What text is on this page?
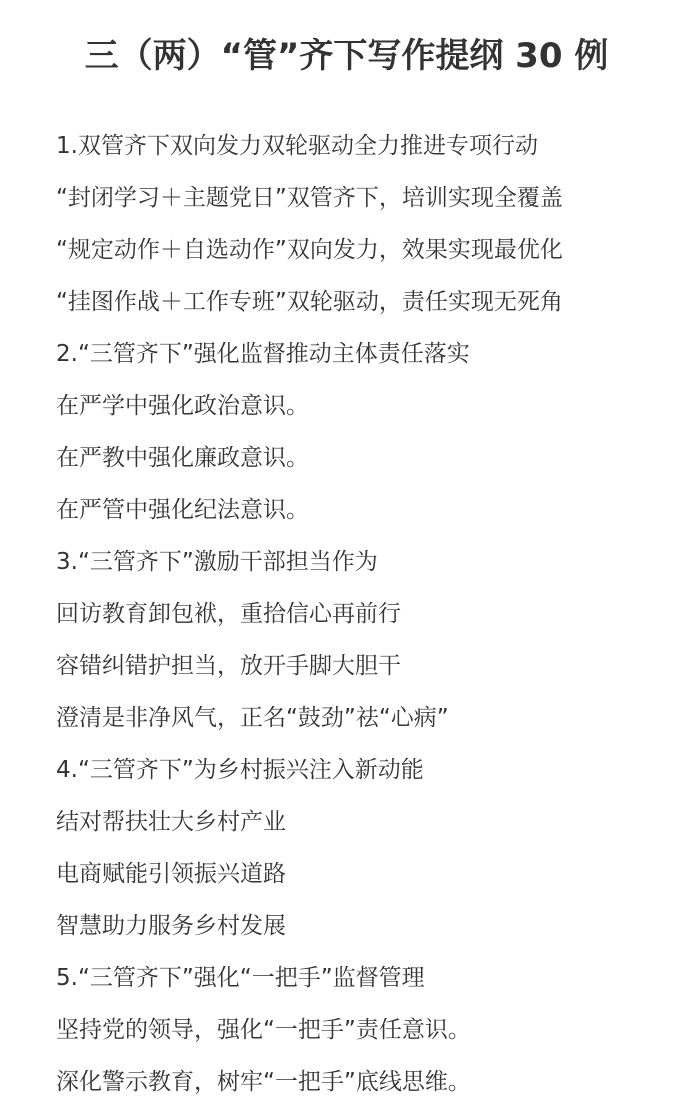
三（两）“管”齐下写作提纲 30 例
1.双管齐下双向发力双轮驱动全力推进专项行动
“封闭学习＋主题党日”双管齐下，培训实现全覆盖
“规定动作＋自选动作”双向发力，效果实现最优化
“挂图作战＋工作专班”双轮驱动，责任实现无死角
2.“三管齐下”强化监督推动主体责任落实
在严学中强化政治意识。
在严教中强化廉政意识。
在严管中强化纪法意识。
3.“三管齐下”激励干部担当作为
回访教育卸包袱，重拾信心再前行
容错纠错护担当，放开手脚大胆干
澄清是非净风气，正名“鼓劲”祛“心病”
4.“三管齐下”为乡村振兴注入新动能
结对帮扶壮大乡村产业
电商赋能引领振兴道路
智慧助力服务乡村发展
5.“三管齐下”强化“一把手”监督管理
坚持党的领导，强化“一把手”责任意识。
深化警示教育，树牢“一把手”底线思维。
